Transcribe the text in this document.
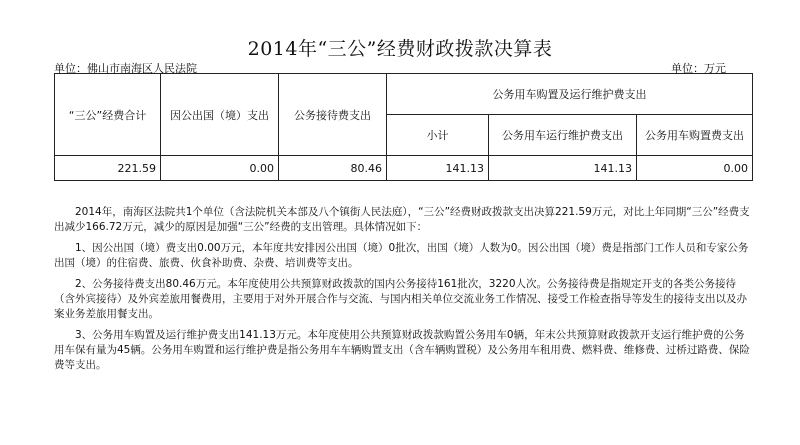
2014年“三公”经费财政拨款决算表
单位：佛山市南海区人民法院	单位：万元
“三公”经费合计	因公出国（境）支出	公务接待费支出	公务用车购置及运行维护费支出		
			小计	公务用车运行维护费支出	公务用车购置费支出
221.59	0.00	80.46	141.13	141.13	0.00

2014年，南海区法院共1个单位（含法院机关本部及八个镇街人民法庭），“三公”经费财政拨款支出决算221.59万元，对比上年同期“三公”经费支出减少166.72万元，减少的原因是加强“三公”经费的支出管理。具体情况如下：

1、因公出国（境）费支出0.00万元，本年度共安排因公出国（境）0批次，出国（境）人数为0。因公出国（境）费是指部门工作人员和专家公务出国（境）的住宿费、旅费、伙食补助费、杂费、培训费等支出。

2、公务接待费支出80.46万元。本年度使用公共预算财政拨款的国内公务接待161批次，3220人次。公务接待费是指规定开支的各类公务接待（含外宾接待）及外宾差旅用餐费用，主要用于对外开展合作与交流、与国内相关单位交流业务工作情况、接受工作检查指导等发生的接待支出以及办案业务差旅用餐支出。

3、公务用车购置及运行维护费支出141.13万元。本年度使用公共预算财政拨款购置公务用车0辆，年末公共预算财政拨款开支运行维护费的公务用车保有量为45辆。公务用车购置和运行维护费是指公务用车车辆购置支出（含车辆购置税）及公务用车租用费、燃料费、维修费、过桥过路费、保险费等支出。
